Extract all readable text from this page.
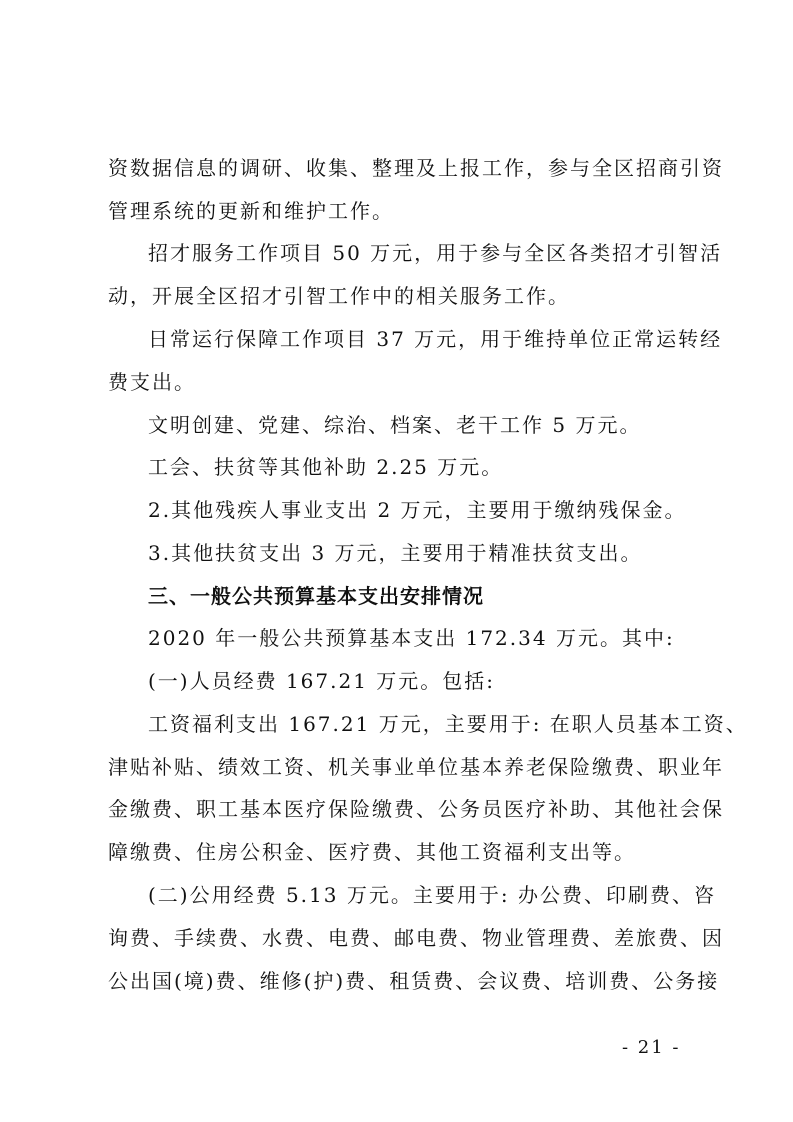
资数据信息的调研、收集、整理及上报工作，参与全区招商引资
管理系统的更新和维护工作。
招才服务工作项目 50 万元，用于参与全区各类招才引智活
动，开展全区招才引智工作中的相关服务工作。
日常运行保障工作项目 37 万元，用于维持单位正常运转经
费支出。
文明创建、党建、综治、档案、老干工作 5 万元。
工会、扶贫等其他补助 2.25 万元。
2.其他残疾人事业支出 2 万元，主要用于缴纳残保金。
3.其他扶贫支出 3 万元，主要用于精准扶贫支出。
三、一般公共预算基本支出安排情况
2020 年一般公共预算基本支出 172.34 万元。其中:
(一)人员经费 167.21 万元。包括:
工资福利支出 167.21 万元，主要用于: 在职人员基本工资、
津贴补贴、绩效工资、机关事业单位基本养老保险缴费、职业年
金缴费、职工基本医疗保险缴费、公务员医疗补助、其他社会保
障缴费、住房公积金、医疗费、其他工资福利支出等。
(二)公用经费 5.13 万元。主要用于: 办公费、印刷费、咨
询费、手续费、水费、电费、邮电费、物业管理费、差旅费、因
公出国(境)费、维修(护)费、租赁费、会议费、培训费、公务接
- 21 -
